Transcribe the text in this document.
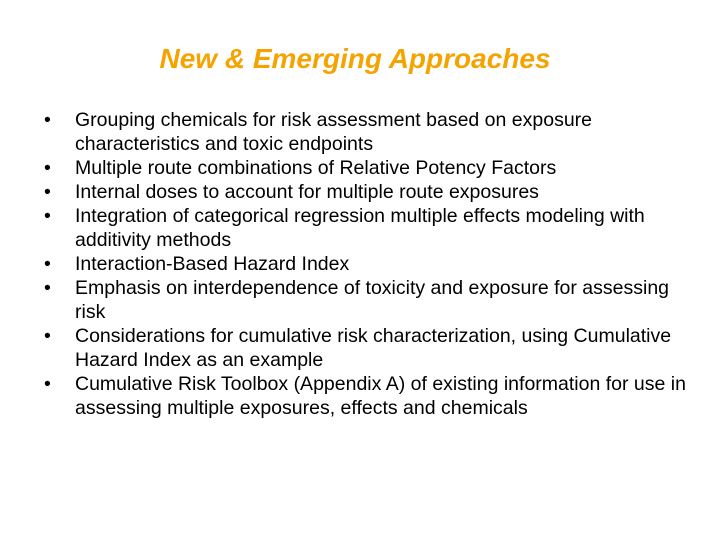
New & Emerging Approaches
•	Grouping chemicals for risk assessment based on exposure characteristics and toxic endpoints
•	Multiple route combinations of Relative Potency Factors
•	Internal doses to account for multiple route exposures
•	Integration of categorical regression multiple effects modeling with additivity methods
•	Interaction-Based Hazard Index
•	Emphasis on interdependence of toxicity and exposure for assessing risk
•	Considerations for cumulative risk characterization, using Cumulative Hazard Index as an example
•	Cumulative Risk Toolbox (Appendix A) of existing information for use in assessing multiple exposures, effects and chemicals
